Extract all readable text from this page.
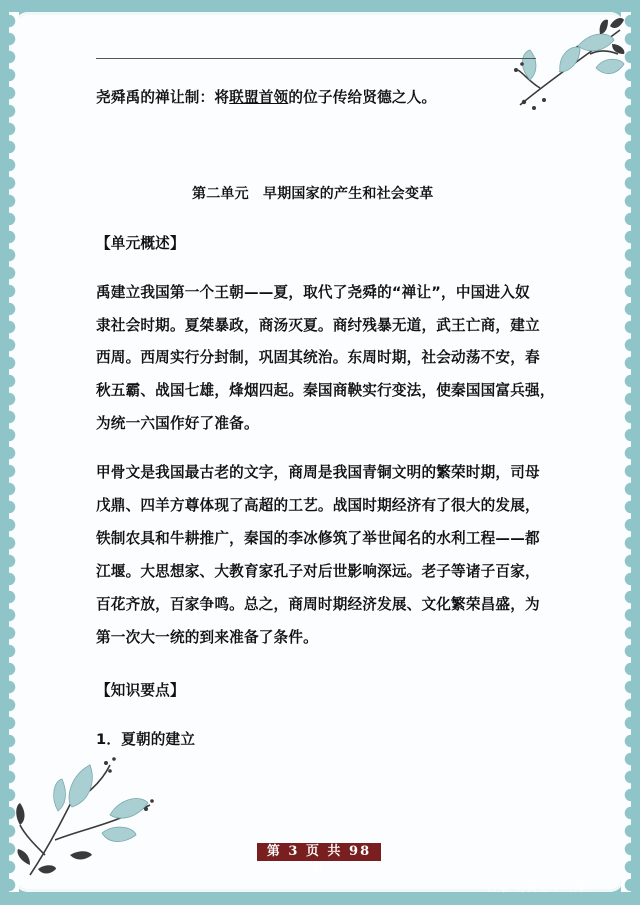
尧舜禹的禅让制：将联盟首领的位子传给贤德之人。
第二单元　早期国家的产生和社会变革
【单元概述】
禹建立我国第一个王朝——夏，取代了尧舜的“禅让”，中国进入奴
隶社会时期。夏桀暴政，商汤灭夏。商纣残暴无道，武王亡商，建立
西周。西周实行分封制，巩固其统治。东周时期，社会动荡不安，春
秋五霸、战国七雄，烽烟四起。秦国商鞅实行变法，使秦国国富兵强，
为统一六国作好了准备。
甲骨文是我国最古老的文字，商周是我国青铜文明的繁荣时期，司母
戊鼎、四羊方尊体现了高超的工艺。战国时期经济有了很大的发展，
铁制农具和牛耕推广，秦国的李冰修筑了举世闻名的水利工程——都
江堰。大思想家、大教育家孔子对后世影响深远。老子等诸子百家，
百花齐放，百家争鸣。总之，商周时期经济发展、文化繁荣昌盛，为
第一次大一统的到来准备了条件。
【知识要点】
1．夏朝的建立
第 3 页 共 98 页
百家号/智慧学习库
